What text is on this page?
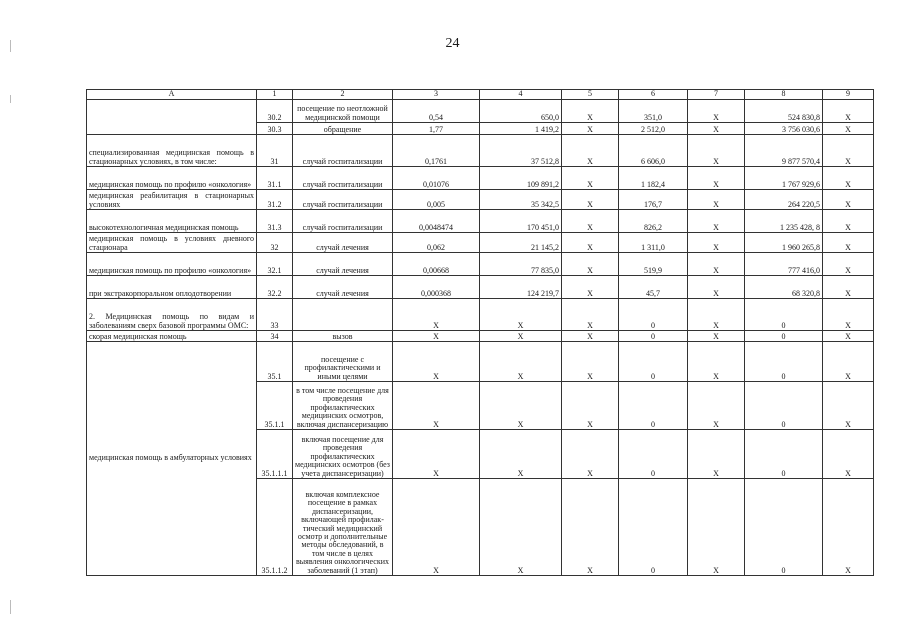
24
А	1	2	3	4	5	6	7	8	9
	30.2	посещение по неотложной медицинской помощи	0,54	650,0	Х	351,0	Х	524 830,8	Х
	30.3	обращение	1,77	1 419,2	Х	2 512,0	Х	3 756 030,6	Х
специализированная медицинская помощь в стационарных условиях, в том числе:	31	случай госпитализации	0,1761	37 512,8	Х	6 606,0	Х	9 877 570,4	Х
медицинская помощь по профилю «онкология»	31.1	случай госпитализации	0,01076	109 891,2	Х	1 182,4	Х	1 767 929,6	Х
медицинская реабилитация в стационарных условиях	31.2	случай госпитализации	0,005	35 342,5	Х	176,7	Х	264 220,5	Х
высокотехнологичная медицинская помощь	31.3	случай госпитализации	0,0048474	170 451,0	Х	826,2	Х	1 235 428, 8	Х
медицинская помощь в условиях дневного стационара	32	случай лечения	0,062	21 145,2	Х	1 311,0	Х	1 960 265,8	Х
медицинская помощь по профилю «онкология»	32.1	случай лечения	0,00668	77 835,0	Х	519,9	Х	777 416,0	Х
при экстракорпоральном оплодотворении	32.2	случай лечения	0,000368	124 219,7	Х	45,7	Х	68 320,8	Х
2. Медицинская помощь по видам и заболеваниям сверх базовой программы ОМС:	33		Х	Х	Х	0	Х	0	Х
скорая медицинская помощь	34	вызов	Х	Х	Х	0	Х	0	Х
медицинская помощь в амбулаторных условиях	35.1	посещение с профилактическими и иными целями	Х	Х	Х	0	Х	0	Х
	35.1.1	в том числе посещение для проведения профилактических медицинских осмотров, включая диспансеризацию	Х	Х	Х	0	Х	0	Х
	35.1.1.1	включая посещение для проведения профилактических медицинских осмотров (без учета диспансеризации)	Х	Х	Х	0	Х	0	Х
	35.1.1.2	включая комплексное посещение в рамках диспансеризации, включающей профилак-тический медицинский осмотр и дополнительные методы обследований, в том числе в целях выявления онкологических заболеваний (1 этап)	Х	Х	Х	0	Х	0	Х
